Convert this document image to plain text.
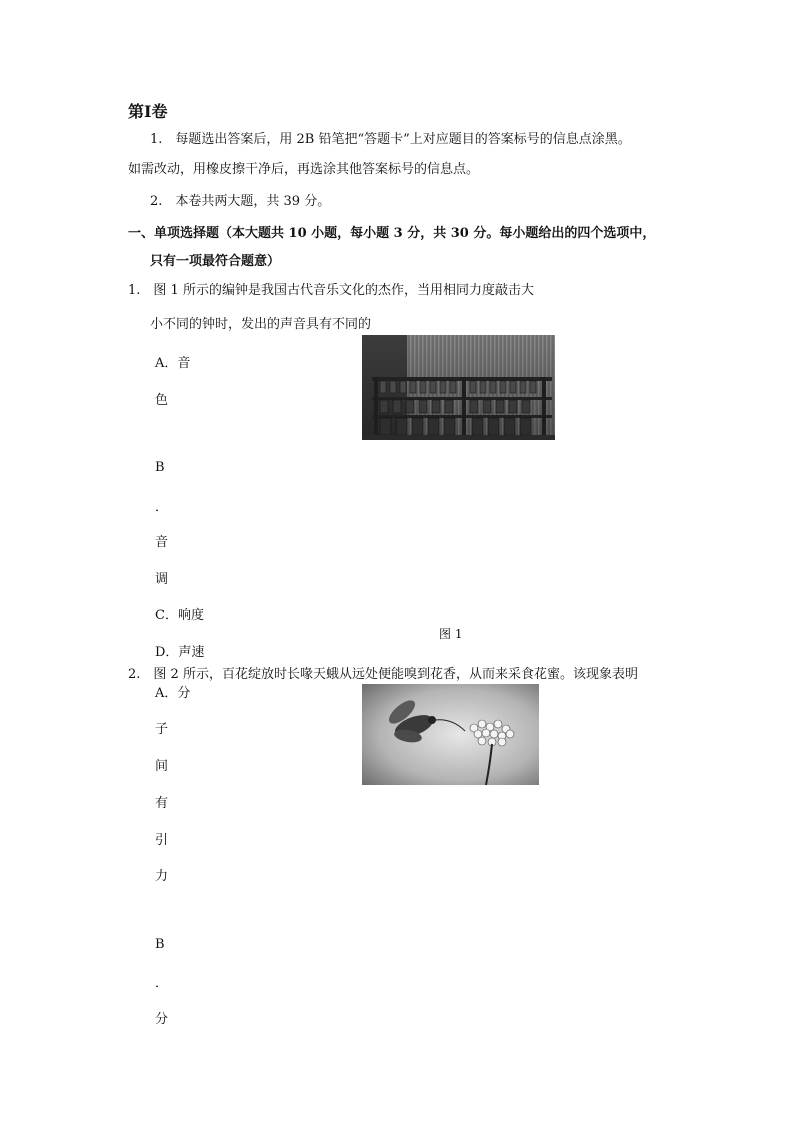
第Ⅰ卷
1.　每题选出答案后，用 2B 铅笔把“答题卡”上对应题目的答案标号的信息点涂黑。
如需改动，用橡皮擦干净后，再选涂其他答案标号的信息点。
2.　本卷共两大题，共 39 分。
一、单项选择题（本大题共 10 小题，每小题 3 分，共 30 分。每小题给出的四个选项中，
只有一项最符合题意）
1.　图 1 所示的编钟是我国古代音乐文化的杰作，当用相同力度敲击大
小不同的钟时，发出的声音具有不同的
A．音
色
B
．
音
调
C．响度
D．声速
图 1
2.　图 2 所示，百花绽放时长喙天蛾从远处便能嗅到花香，从而来采食花蜜。该现象表明
A．分
子
间
有
引
力
B
．
分
